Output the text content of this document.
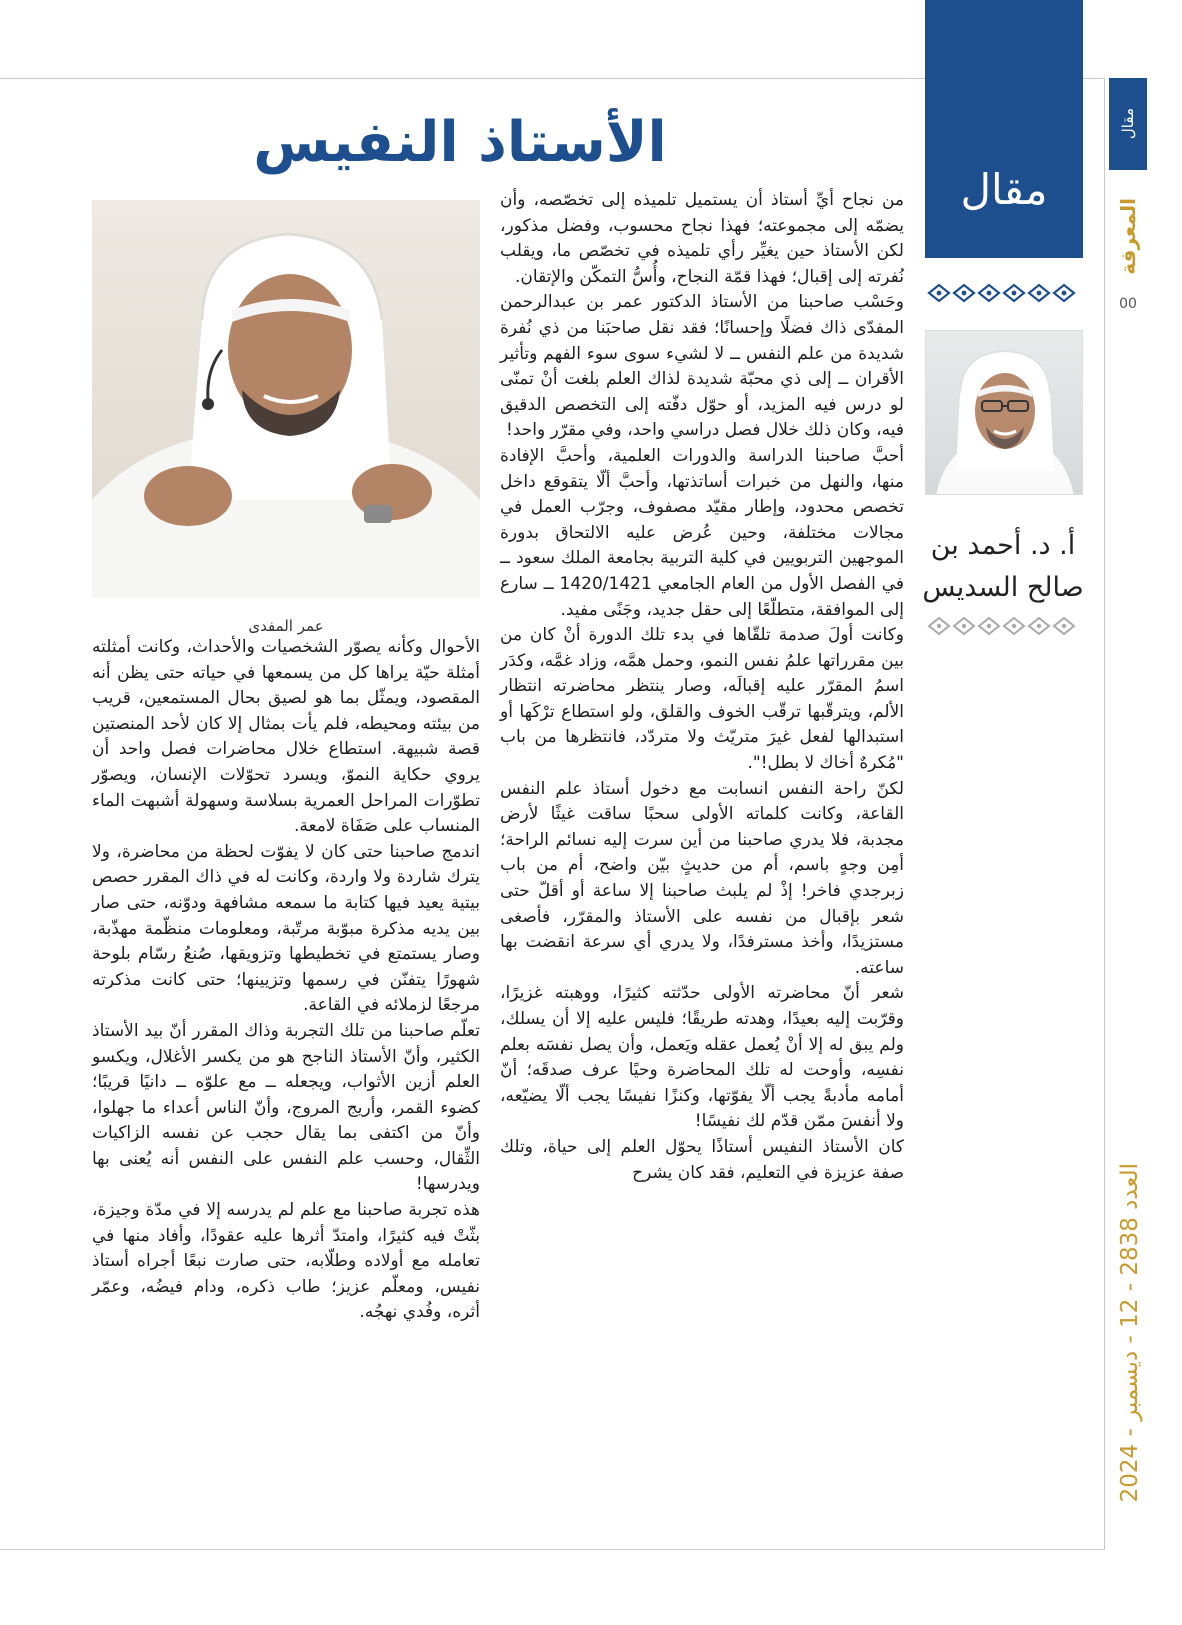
مقال
المعرفة
00
العدد 2838 - 12 - ديسمبر - 2024
مقال
أ. د. أحمد بن
صالح السديس
الأستاذ النفيس
عمر المفدى

من نجاح أيِّ أستاذ أن يستميل تلميذه إلى تخصّصه، وأن يضمّه إلى مجموعته؛ فهذا نجاح محسوب، وفضل مذكور، لكن الأستاذ حين يغيِّر رأي تلميذه في تخصّص ما، ويقلب نُفرته إلى إقبال؛ فهذا قمّة النجاح، وأُسُّ التمكّن والإتقان.

وحَسْب صاحبنا من الأستاذ الدكتور عمر بن عبدالرحمن المفدّى ذاك فضلًا وإحسانًا؛ فقد نقل صاحبَنا من ذي نُفرة شديدة من علم النفس ــ لا لشيء سوى سوء الفهم وتأثير الأقران ــ إلى ذي محبّة شديدة لذاك العلم بلغت أنْ تمنّى لو درس فيه المزيد، أو حوّل دفّته إلى التخصص الدقيق فيه، وكان ذلك خلال فصل دراسي واحد، وفي مقرّر واحد!

أحبَّ صاحبنا الدراسة والدورات العلمية، وأحبَّ الإفادة منها، والنهل من خبرات أساتذتها، وأحبَّ ألّا يتقوقع داخل تخصص محدود، وإطار مقيّد مصفوف، وجرّب العمل في مجالات مختلفة، وحين عُرض عليه الالتحاق بدورة الموجهين التربويين في كلية التربية بجامعة الملك سعود ــ في الفصل الأول من العام الجامعي 1420/1421 ــ سارع إلى الموافقة، متطلّعًا إلى حقل جديد، وجَنًى مفيد.

وكانت أولَ صدمة تلقّاها في بدء تلك الدورة أنْ كان من بين مقرراتها علمُ نفس النمو، وحمل همَّه، وزاد غمَّه، وكدَر اسمُ المقرّر عليه إقبالَه، وصار ينتظر محاضرته انتظار الألم، ويترقّبها ترقّب الخوف والقلق، ولو استطاع ترْكَها أو استبدالها لفعل غيرَ متريّث ولا متردّد، فانتظرها من باب "مُكرهٌ أخاك لا بطل!".

لكنّ راحة النفس انسابت مع دخول أستاذ علم النفس القاعة، وكانت كلماته الأولى سحبًا ساقت غيثًا لأرض مجدبة، فلا يدري صاحبنا من أين سرت إليه نسائم الراحة؛ أمِن وجهٍ باسم، أم من حديثٍ بيّن واضح، أم من باب زبرجدي فاخر! إذْ لم يلبث صاحبنا إلا ساعة أو أقلّ حتى شعر بإقبال من نفسه على الأستاذ والمقرّر، فأصغى مستزيدًا، وأخذ مسترفدًا، ولا يدري أي سرعة انقضت بها ساعته.

شعر أنّ محاضرته الأولى حدّثته كثيرًا، ووهبته غزيرًا، وقرّبت إليه بعيدًا، وهدته طريقًا؛ فليس عليه إلا أن يسلك، ولم يبق له إلا أنْ يُعمل عقله ويَعمل، وأن يصل نفسَه بعلم نفسِه، وأوحت له تلك المحاضرة وحيًا عرف صدقَه؛ أنّ أمامه مأدبةً يجب ألّا يفوّتها، وكنزًا نفيسًا يجب ألّا يضيّعه، ولا أنفسَ ممّن قدّم لك نفيسًا!

كان الأستاذ النفيس أستاذًا يحوّل العلم إلى حياة، وتلك صفة عزيزة في التعليم، فقد كان يشرح

الأحوال وكأنه يصوّر الشخصيات والأحداث، وكانت أمثلته أمثلة حيّة يراها كل من يسمعها في حياته حتى يظن أنه المقصود، ويمثّل بما هو لصيق بحال المستمعين، قريب من بيئته ومحيطه، فلم يأت بمثال إلا كان لأحد المنصتين قصة شبيهة. استطاع خلال محاضرات فصل واحد أن يروي حكاية النموّ، ويسرد تحوّلات الإنسان، ويصوّر تطوّرات المراحل العمرية بسلاسة وسهولة أشبهت الماء المنساب على صَفَاة لامعة.

اندمج صاحبنا حتى كان لا يفوّت لحظة من محاضرة، ولا يترك شاردة ولا واردة، وكانت له في ذاك المقرر حصص بيتية يعيد فيها كتابة ما سمعه مشافهة ودوّنه، حتى صار بين يديه مذكرة مبوّبة مرتّبة، ومعلومات منظّمة مهذّبة، وصار يستمتع في تخطيطها وتزويقها، صُنعُ رسّام بلوحة شهورًا يتفنّن في رسمها وتزيينها؛ حتى كانت مذكرته مرجعًا لزملائه في القاعة.

تعلّم صاحبنا من تلك التجربة وذاك المقرر أنّ بيد الأستاذ الكثير، وأنّ الأستاذ الناجح هو من يكسر الأغلال، ويكسو العلم أزين الأثواب، ويجعله ــ مع علوّه ــ دانيًا قريبًا؛ كضوء القمر، وأريج المروج، وأنّ الناس أعداء ما جهلوا، وأنّ من اكتفى بما يقال حجب عن نفسه الزاكيات الثِّقال، وحسب علم النفس على النفس أنه يُعنى بها ويدرسها!

هذه تجربة صاحبنا مع علم لم يدرسه إلا في مدّة وجيزة، بثّتْ فيه كثيرًا، وامتدّ أثرها عليه عقودًا، وأفاد منها في تعامله مع أولاده وطلّابه، حتى صارت نبعًا أجراه أستاذ نفيس، ومعلّم عزيز؛ طاب ذكره، ودام فيضُه، وعمّر أثره، وفُدي نهجُه.
